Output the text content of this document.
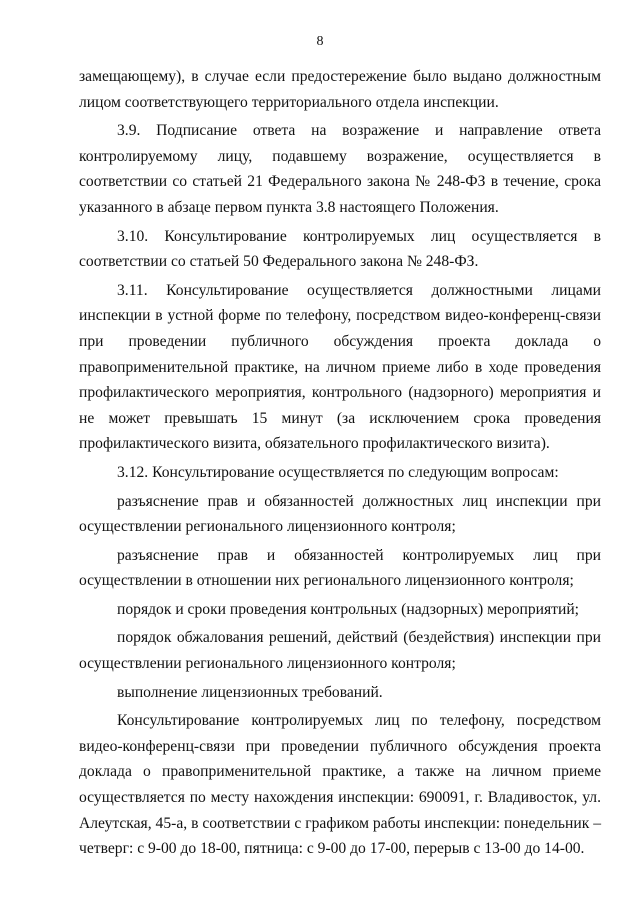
8

замещающему), в случае если предостережение было выдано должностным лицом соответствующего территориального отдела инспекции.

3.9. Подписание ответа на возражение и направление ответа контролируемому лицу, подавшему возражение, осуществляется в соответствии со статьей 21 Федерального закона № 248-ФЗ в течение, срока указанного в абзаце первом пункта 3.8 настоящего Положения.

3.10. Консультирование контролируемых лиц осуществляется в соответствии со статьей 50 Федерального закона № 248-ФЗ.

3.11. Консультирование осуществляется должностными лицами инспекции в устной форме по телефону, посредством видео-конференц-связи при проведении публичного обсуждения проекта доклада о правоприменительной практике, на личном приеме либо в ходе проведения профилактического мероприятия, контрольного (надзорного) мероприятия и не может превышать 15 минут (за исключением срока проведения профилактического визита, обязательного профилактического визита).

3.12. Консультирование осуществляется по следующим вопросам:

разъяснение прав и обязанностей должностных лиц инспекции при осуществлении регионального лицензионного контроля;

разъяснение прав и обязанностей контролируемых лиц при осуществлении в отношении них регионального лицензионного контроля;

порядок и сроки проведения контрольных (надзорных) мероприятий;

порядок обжалования решений, действий (бездействия) инспекции при осуществлении регионального лицензионного контроля;

выполнение лицензионных требований.

Консультирование контролируемых лиц по телефону, посредством видео-конференц-связи при проведении публичного обсуждения проекта доклада о правоприменительной практике, а также на личном приеме осуществляется по месту нахождения инспекции: 690091, г. Владивосток, ул. Алеутская, 45-а, в соответствии с графиком работы инспекции: понедельник – четверг: с 9-00 до 18-00, пятница: с 9-00 до 17-00, перерыв с 13-00 до 14-00.
